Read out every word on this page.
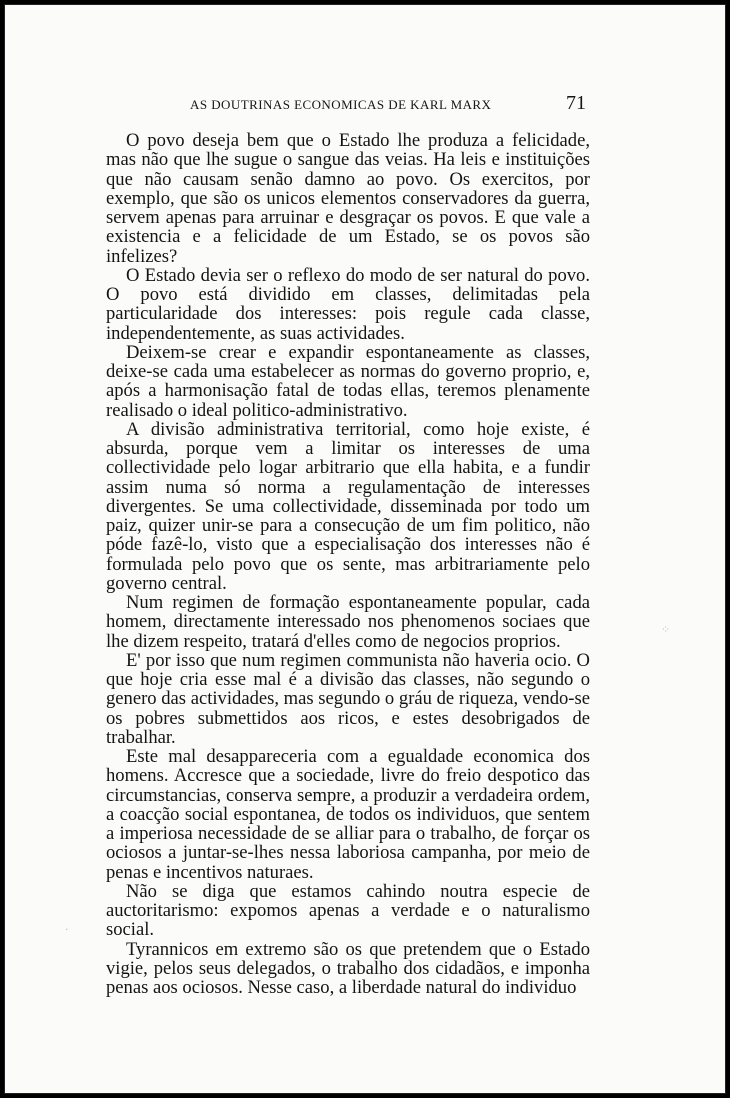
AS DOUTRINAS ECONOMICAS DE KARL MARX	71

O povo deseja bem que o Estado lhe produza a felicidade, mas não que lhe sugue o sangue das veias. Ha leis e instituições que não causam senão damno ao povo. Os exercitos, por exemplo, que são os unicos elementos conservadores da guerra, servem apenas para arruinar e desgraçar os povos. E que vale a existencia e a felicidade de um Estado, se os povos são infelizes?

O Estado devia ser o reflexo do modo de ser natural do povo. O povo está dividido em classes, delimitadas pela particularidade dos interesses: pois regule cada classe, independentemente, as suas actividades.

Deixem-se crear e expandir espontaneamente as classes, deixe-se cada uma estabelecer as normas do governo proprio, e, após a harmonisação fatal de todas ellas, teremos plenamente realisado o ideal politico-administrativo.

A divisão administrativa territorial, como hoje existe, é absurda, porque vem a limitar os interesses de uma collectividade pelo logar arbitrario que ella habita, e a fundir assim numa só norma a regulamentação de interesses divergentes. Se uma collectividade, disseminada por todo um paiz, quizer unir-se para a consecução de um fim politico, não póde fazê-lo, visto que a especialisação dos interesses não é formulada pelo povo que os sente, mas arbitrariamente pelo governo central.

Num regimen de formação espontaneamente popular, cada homem, directamente interessado nos phenomenos sociaes que lhe dizem respeito, tratará d'elles como de negocios proprios.

E' por isso que num regimen communista não haveria ocio. O que hoje cria esse mal é a divisão das classes, não segundo o genero das actividades, mas segundo o gráu de riqueza, vendo-se os pobres submettidos aos ricos, e estes desobrigados de trabalhar.

Este mal desappareceria com a egualdade economica dos homens. Accresce que a sociedade, livre do freio despotico das circumstancias, conserva sempre, a produzir a verdadeira ordem, a coacção social espontanea, de todos os individuos, que sentem a imperiosa necessidade de se alliar para o trabalho, de forçar os ociosos a juntar-se-lhes nessa laboriosa campanha, por meio de penas e incentivos naturaes.

Não se diga que estamos cahindo noutra especie de auctoritarismo: expomos apenas a verdade e o naturalismo social.

Tyrannicos em extremo são os que pretendem que o Estado vigie, pelos seus delegados, o trabalho dos cidadãos, e imponha penas aos ociosos. Nesse caso, a liberdade natural do individuo

⁘
·
